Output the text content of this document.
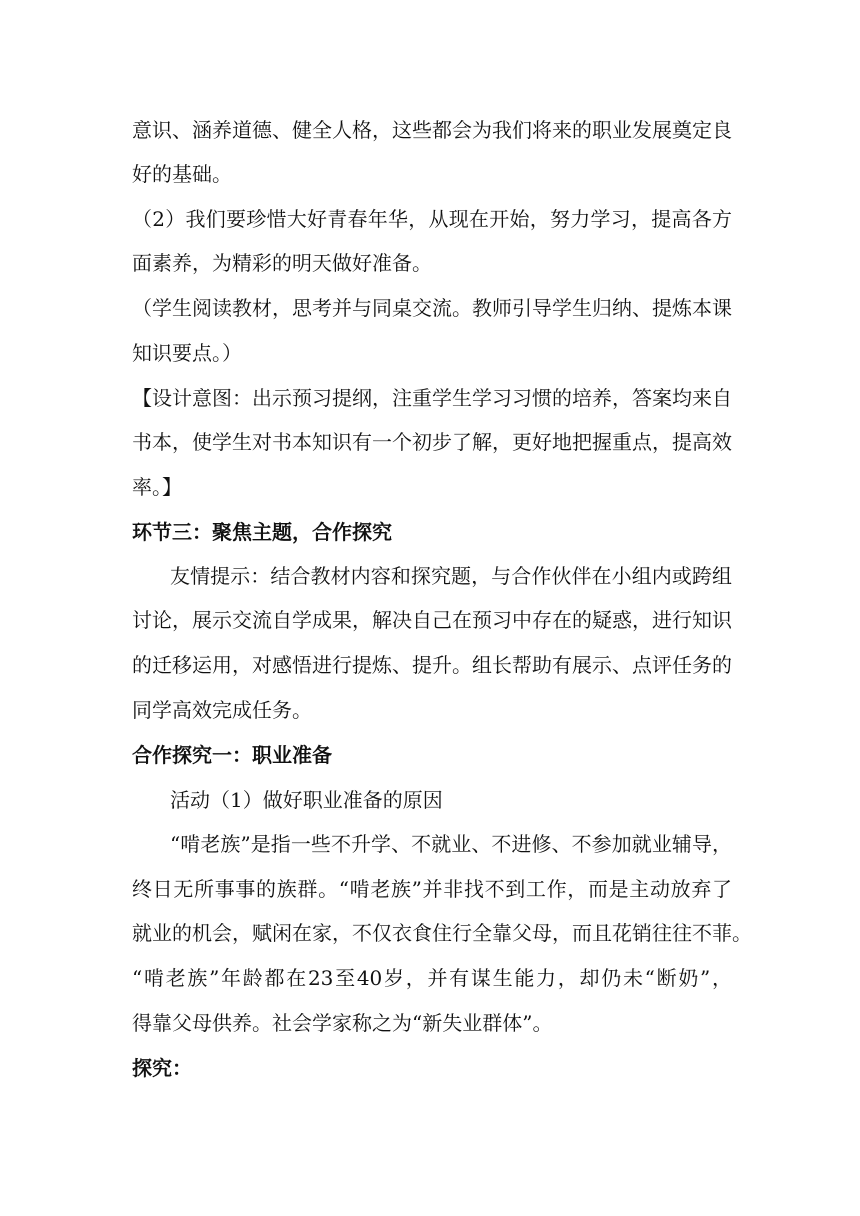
意识、涵养道德、健全人格，这些都会为我们将来的职业发展奠定良
好的基础。
（2）我们要珍惜大好青春年华，从现在开始，努力学习，提高各方
面素养，为精彩的明天做好准备。
（学生阅读教材，思考并与同桌交流。教师引导学生归纳、提炼本课
知识要点。）
【设计意图：出示预习提纲，注重学生学习习惯的培养，答案均来自
书本，使学生对书本知识有一个初步了解，更好地把握重点，提高效
率。】
环节三：聚焦主题，合作探究
友情提示：结合教材内容和探究题，与合作伙伴在小组内或跨组
讨论，展示交流自学成果，解决自己在预习中存在的疑惑，进行知识
的迁移运用，对感悟进行提炼、提升。组长帮助有展示、点评任务的
同学高效完成任务。
合作探究一：职业准备
活动（1）做好职业准备的原因
“啃老族”是指一些不升学、不就业、不进修、不参加就业辅导，
终日无所事事的族群。“啃老族”并非找不到工作，而是主动放弃了
就业的机会，赋闲在家，不仅衣食住行全靠父母，而且花销往往不菲。
“啃老族”年龄都在23至40岁，并有谋生能力，却仍未“断奶”，
得靠父母供养。社会学家称之为“新失业群体”。
探究：
